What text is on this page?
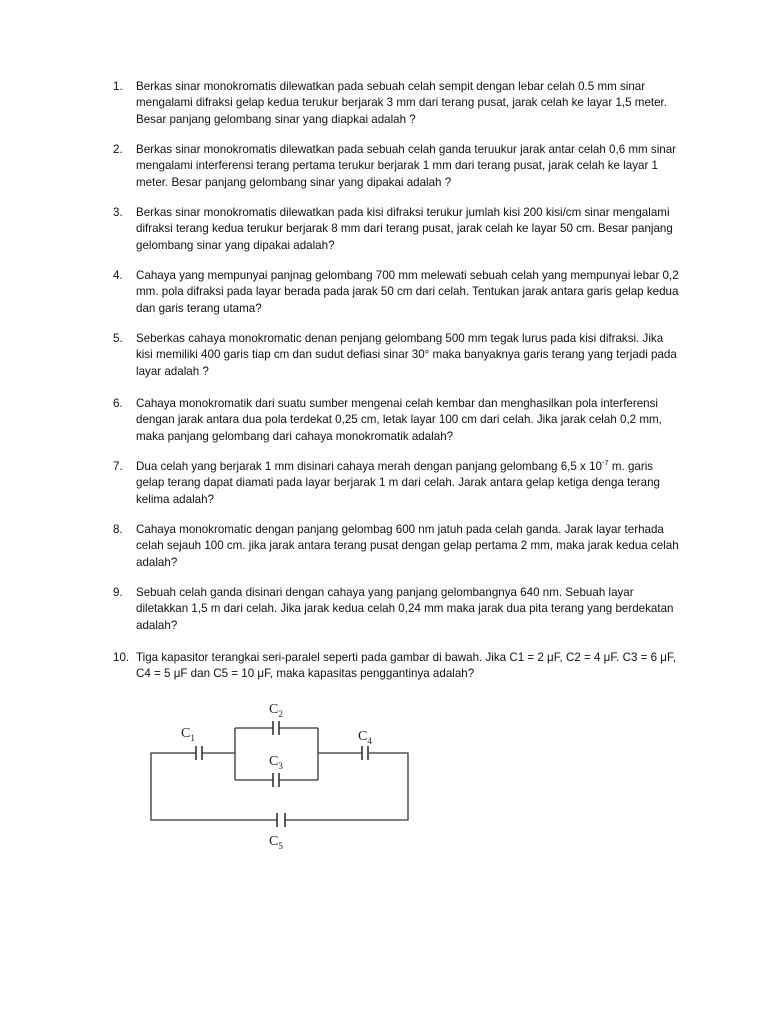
1.	Berkas sinar monokromatis dilewatkan pada sebuah celah sempit dengan lebar celah 0.5 mm sinar mengalami difraksi gelap kedua terukur berjarak 3 mm dari terang pusat, jarak celah ke layar 1,5 meter. Besar panjang gelombang sinar yang diapkai adalah ?
2.	Berkas sinar monokromatis dilewatkan pada sebuah celah ganda teruukur jarak antar celah 0,6 mm sinar mengalami interferensi terang pertama terukur berjarak 1 mm dari terang pusat, jarak celah ke layar 1 meter. Besar panjang gelombang sinar yang dipakai adalah ?
3.	Berkas sinar monokromatis dilewatkan pada kisi difraksi terukur jumlah kisi 200 kisi/cm sinar mengalami difraksi terang kedua terukur berjarak 8 mm dari terang pusat, jarak celah ke layar 50 cm. Besar panjang gelombang sinar yang dipakai adalah?
4.	Cahaya yang mempunyai panjnag gelombang 700 mm melewati sebuah celah yang mempunyai lebar 0,2 mm. pola difraksi pada layar berada pada jarak 50 cm dari celah. Tentukan jarak antara garis gelap kedua dan garis terang utama?
5.	Seberkas cahaya monokromatic denan penjang gelombang 500 mm tegak lurus pada kisi difraksi. Jika kisi memiliki 400 garis tiap cm dan sudut defiasi sinar 30° maka banyaknya garis terang yang terjadi pada layar adalah ?
6.	Cahaya monokromatik dari suatu sumber mengenai celah kembar dan menghasilkan pola interferensi dengan jarak antara dua pola terdekat 0,25 cm, letak layar 100 cm dari celah. Jika jarak celah 0,2 mm, maka panjang gelombang dari cahaya monokromatik adalah?
7.	Dua celah yang berjarak 1 mm disinari cahaya merah dengan panjang gelombang 6,5 x $10^{-7}$ m. garis gelap terang dapat diamati pada layar berjarak 1 m dari celah. Jarak antara gelap ketiga denga terang kelima adalah?
8.	Cahaya monokromatic dengan panjang gelombag 600 nm jatuh pada celah ganda. Jarak layar terhada celah sejauh 100 cm. jika jarak antara terang pusat dengan gelap pertama 2 mm, maka jarak kedua celah adalah?
9.	Sebuah celah ganda disinari dengan cahaya yang panjang gelombangnya 640 nm. Sebuah layar diletakkan 1,5 m dari celah. Jika jarak kedua celah 0,24 mm maka jarak dua pita terang yang berdekatan adalah?
10. Tiga kapasitor terangkai seri-paralel seperti pada gambar di bawah. Jika C1 = 2 μF, C2 = 4 μF. C3 = 6 μF, C4 = 5 μF dan C5 = 10 μF, maka kapasitas penggantinya adalah?
$C_1$
$C_2$
$C_3$
$C_4$
$C_5$
